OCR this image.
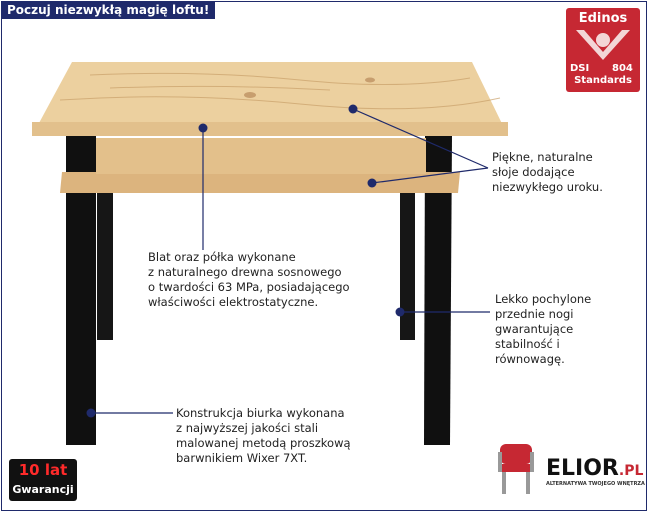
Poczuj niezwykłą magię loftu!
Edinos
DSI 804
Standards
Piękne, naturalne
słoje dodające
niezwykłego uroku.
Blat oraz półka wykonane
z naturalnego drewna sosnowego
o twardości 63 MPa, posiadającego
właściwości elektrostatyczne.	Lekko pochylone
przednie nogi
gwarantujące
stabilność i
równowagę.
Konstrukcja biurka wykonana
z najwyższej jakości stali
malowanej metodą proszkową
barwnikiem Wixer 7XT.
10 lat
Gwarancji
ELIOR.PL
ALTERNATYWA TWOJEGO WNĘTRZA
